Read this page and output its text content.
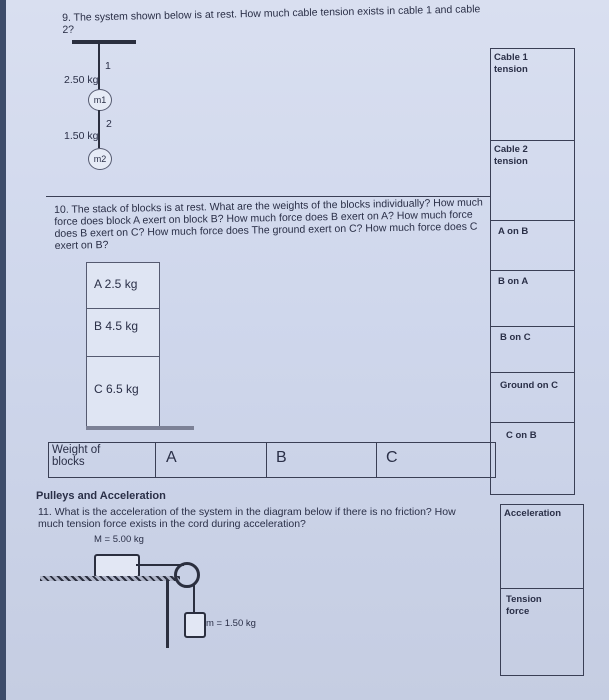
9. The system shown below is at rest. How much cable tension exists in cable 1 and cable 2?
1
2.50 kg
m1
2
1.50 kg
m2
Cable 1 tension
Cable 2 tension
10. The stack of blocks is at rest. What are the weights of the blocks individually? How much force does block A exert on block B? How much force does B exert on A? How much force does B exert on C? How much force does The ground exert on C? How much force does C exert on B?
A on B
B on A
B on C
Ground on C
C on B
A 2.5 kg
B 4.5 kg
C 6.5 kg
Weight of blocks	A	B	C
Pulleys and Acceleration
11. What is the acceleration of the system in the diagram below if there is no friction? How much tension force exists in the cord during acceleration?
M = 5.00 kg
Acceleration
Tension force
m = 1.50 kg
